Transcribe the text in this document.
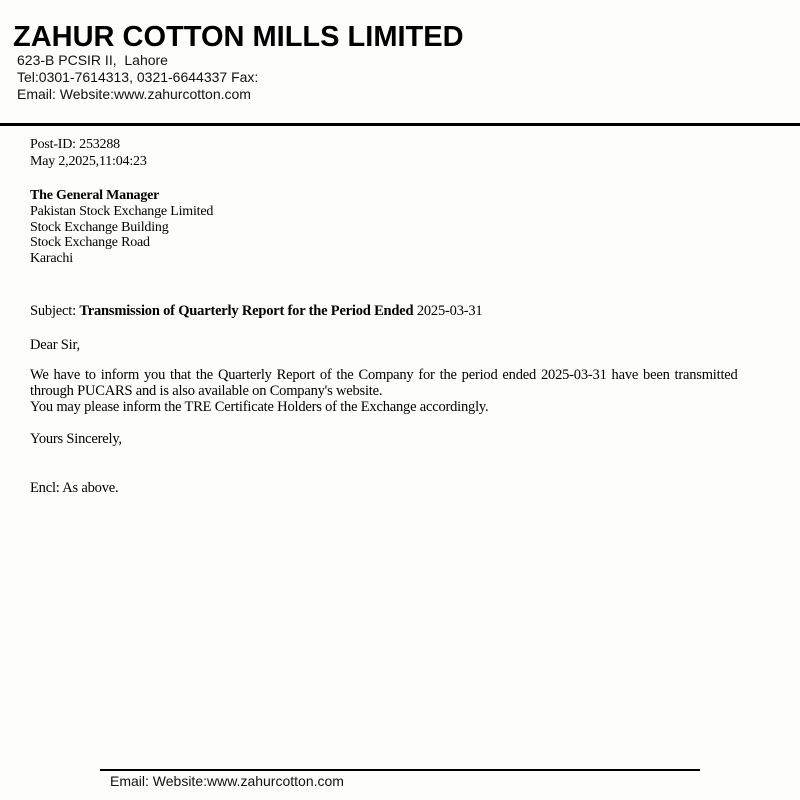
ZAHUR COTTON MILLS LIMITED
623-B PCSIR II,  Lahore
Tel:0301-7614313, 0321-6644337 Fax:
Email: Website:www.zahurcotton.com
Post-ID: 253288
May 2,2025,11:04:23
The General Manager
Pakistan Stock Exchange Limited
Stock Exchange Building
Stock Exchange Road
Karachi
Subject: Transmission of Quarterly Report for the Period Ended 2025-03-31
Dear Sir,
We have to inform you that the Quarterly Report of the Company for the period ended 2025-03-31 have been transmitted
through PUCARS and is also available on Company's website.
You may please inform the TRE Certificate Holders of the Exchange accordingly.
Yours Sincerely,
Encl: As above.
Email: Website:www.zahurcotton.com
